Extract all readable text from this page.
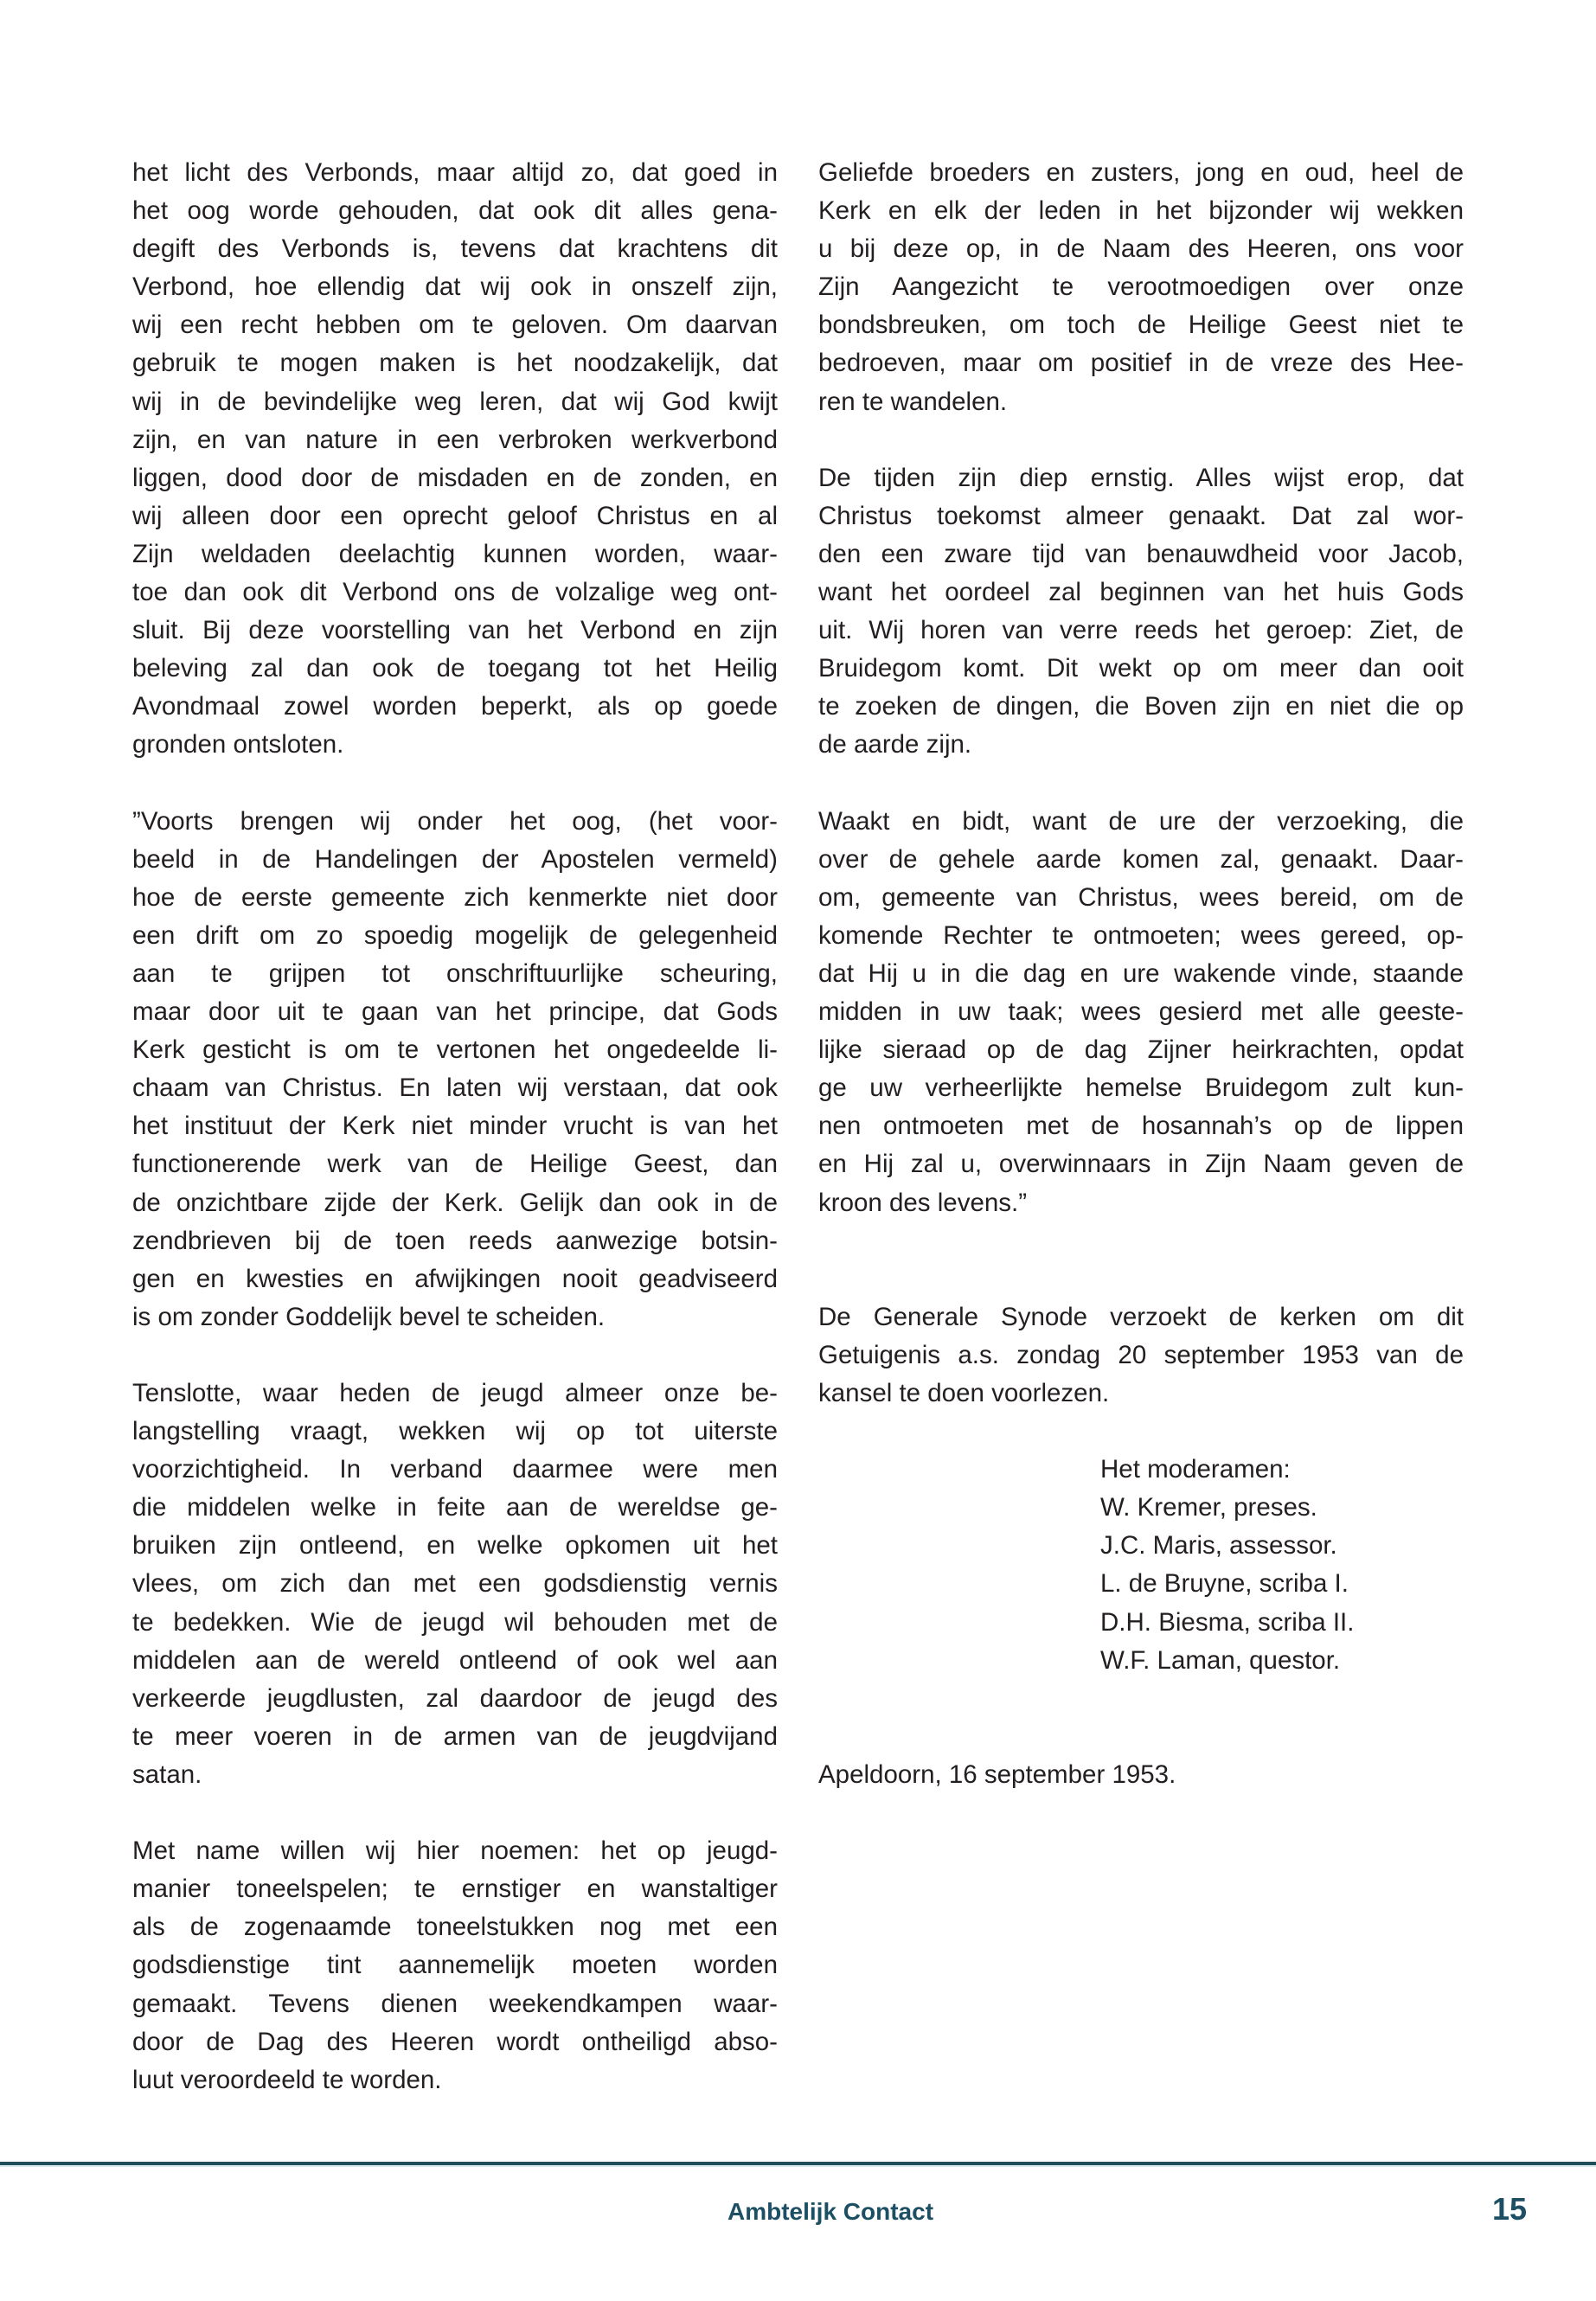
het licht des Verbonds, maar altijd zo, dat goed in
het oog worde gehouden, dat ook dit alles gena-
degift des Verbonds is, tevens dat krachtens dit
Verbond, hoe ellendig dat wij ook in onszelf zijn,
wij een recht hebben om te geloven. Om daarvan
gebruik te mogen maken is het noodzakelijk, dat
wij in de bevindelijke weg leren, dat wij God kwijt
zijn, en van nature in een verbroken werkverbond
liggen, dood door de misdaden en de zonden, en
wij alleen door een oprecht geloof Christus en al
Zijn weldaden deelachtig kunnen worden, waar-
toe dan ook dit Verbond ons de volzalige weg ont-
sluit. Bij deze voorstelling van het Verbond en zijn
beleving zal dan ook de toegang tot het Heilig
Avondmaal zowel worden beperkt, als op goede
gronden ontsloten.
”Voorts brengen wij onder het oog, (het voor-
beeld in de Handelingen der Apostelen vermeld)
hoe de eerste gemeente zich kenmerkte niet door
een drift om zo spoedig mogelijk de gelegenheid
aan te grijpen tot onschriftuurlijke scheuring,
maar door uit te gaan van het principe, dat Gods
Kerk gesticht is om te vertonen het ongedeelde li-
chaam van Christus. En laten wij verstaan, dat ook
het instituut der Kerk niet minder vrucht is van het
functionerende werk van de Heilige Geest, dan
de onzichtbare zijde der Kerk. Gelijk dan ook in de
zendbrieven bij de toen reeds aanwezige botsin-
gen en kwesties en afwijkingen nooit geadviseerd
is om zonder Goddelijk bevel te scheiden.
Tenslotte, waar heden de jeugd almeer onze be-
langstelling vraagt, wekken wij op tot uiterste
voorzichtigheid. In verband daarmee were men
die middelen welke in feite aan de wereldse ge-
bruiken zijn ontleend, en welke opkomen uit het
vlees, om zich dan met een godsdienstig vernis
te bedekken. Wie de jeugd wil behouden met de
middelen aan de wereld ontleend of ook wel aan
verkeerde jeugdlusten, zal daardoor de jeugd des
te meer voeren in de armen van de jeugdvijand
satan.
Met name willen wij hier noemen: het op jeugd-
manier toneelspelen; te ernstiger en wanstaltiger
als de zogenaamde toneelstukken nog met een
godsdienstige tint aannemelijk moeten worden
gemaakt. Tevens dienen weekendkampen waar-
door de Dag des Heeren wordt ontheiligd abso-
luut veroordeeld te worden.
Geliefde broeders en zusters, jong en oud, heel de
Kerk en elk der leden in het bijzonder wij wekken
u bij deze op, in de Naam des Heeren, ons voor
Zijn Aangezicht te verootmoedigen over onze
bondsbreuken, om toch de Heilige Geest niet te
bedroeven, maar om positief in de vreze des Hee-
ren te wandelen.
De tijden zijn diep ernstig. Alles wijst erop, dat
Christus toekomst almeer genaakt. Dat zal wor-
den een zware tijd van benauwdheid voor Jacob,
want het oordeel zal beginnen van het huis Gods
uit. Wij horen van verre reeds het geroep: Ziet, de
Bruidegom komt. Dit wekt op om meer dan ooit
te zoeken de dingen, die Boven zijn en niet die op
de aarde zijn.
Waakt en bidt, want de ure der verzoeking, die
over de gehele aarde komen zal, genaakt. Daar-
om, gemeente van Christus, wees bereid, om de
komende Rechter te ontmoeten; wees gereed, op-
dat Hij u in die dag en ure wakende vinde, staande
midden in uw taak; wees gesierd met alle geeste-
lijke sieraad op de dag Zijner heirkrachten, opdat
ge uw verheerlijkte hemelse Bruidegom zult kun-
nen ontmoeten met de hosannah’s op de lippen
en Hij zal u, overwinnaars in Zijn Naam geven de
kroon des levens.”
De Generale Synode verzoekt de kerken om dit
Getuigenis a.s. zondag 20 september 1953 van de
kansel te doen voorlezen.
Het moderamen:
W. Kremer, preses.
J.C. Maris, assessor.
L. de Bruyne, scriba I.
D.H. Biesma, scriba II.
W.F. Laman, questor.
Apeldoorn, 16 september 1953.
Ambtelijk Contact	15
